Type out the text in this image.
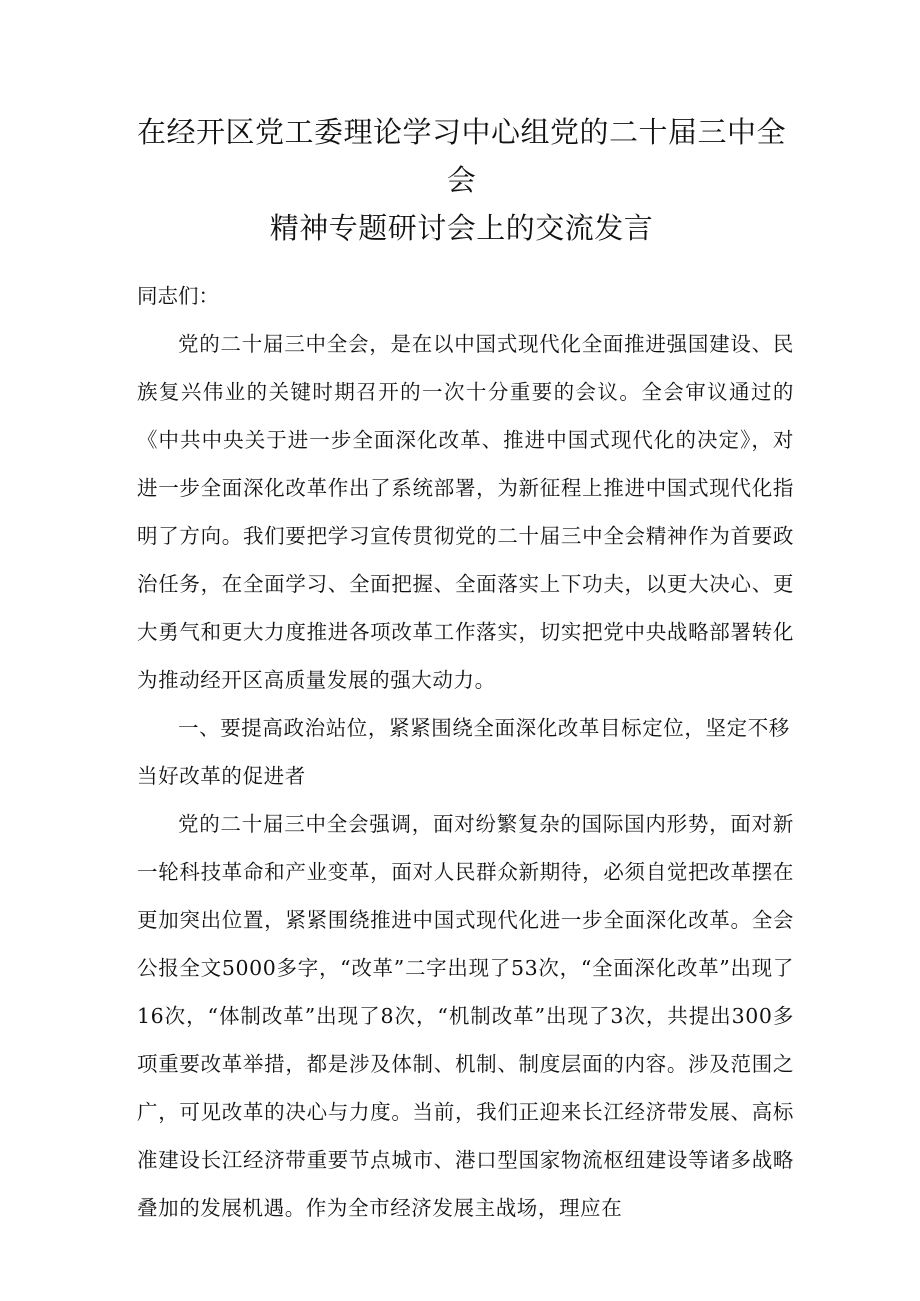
在经开区党工委理论学习中心组党的二十届三中全会
精神专题研讨会上的交流发言

同志们：

党的二十届三中全会，是在以中国式现代化全面推进强国建设、民族复兴伟业的关键时期召开的一次十分重要的会议。全会审议通过的《中共中央关于进一步全面深化改革、推进中国式现代化的决定》，对进一步全面深化改革作出了系统部署，为新征程上推进中国式现代化指明了方向。我们要把学习宣传贯彻党的二十届三中全会精神作为首要政治任务，在全面学习、全面把握、全面落实上下功夫，以更大决心、更大勇气和更大力度推进各项改革工作落实，切实把党中央战略部署转化为推动经开区高质量发展的强大动力。

一、要提高政治站位，紧紧围绕全面深化改革目标定位，坚定不移当好改革的促进者

党的二十届三中全会强调，面对纷繁复杂的国际国内形势，面对新一轮科技革命和产业变革，面对人民群众新期待，必须自觉把改革摆在更加突出位置，紧紧围绕推进中国式现代化进一步全面深化改革。全会公报全文5000多字，“改革”二字出现了53次，“全面深化改革”出现了16次，“体制改革”出现了8次，“机制改革”出现了3次，共提出300多项重要改革举措，都是涉及体制、机制、制度层面的内容。涉及范围之广，可见改革的决心与力度。当前，我们正迎来长江经济带发展、高标准建设长江经济带重要节点城市、港口型国家物流枢纽建设等诸多战略叠加的发展机遇。作为全市经济发展主战场，理应在
